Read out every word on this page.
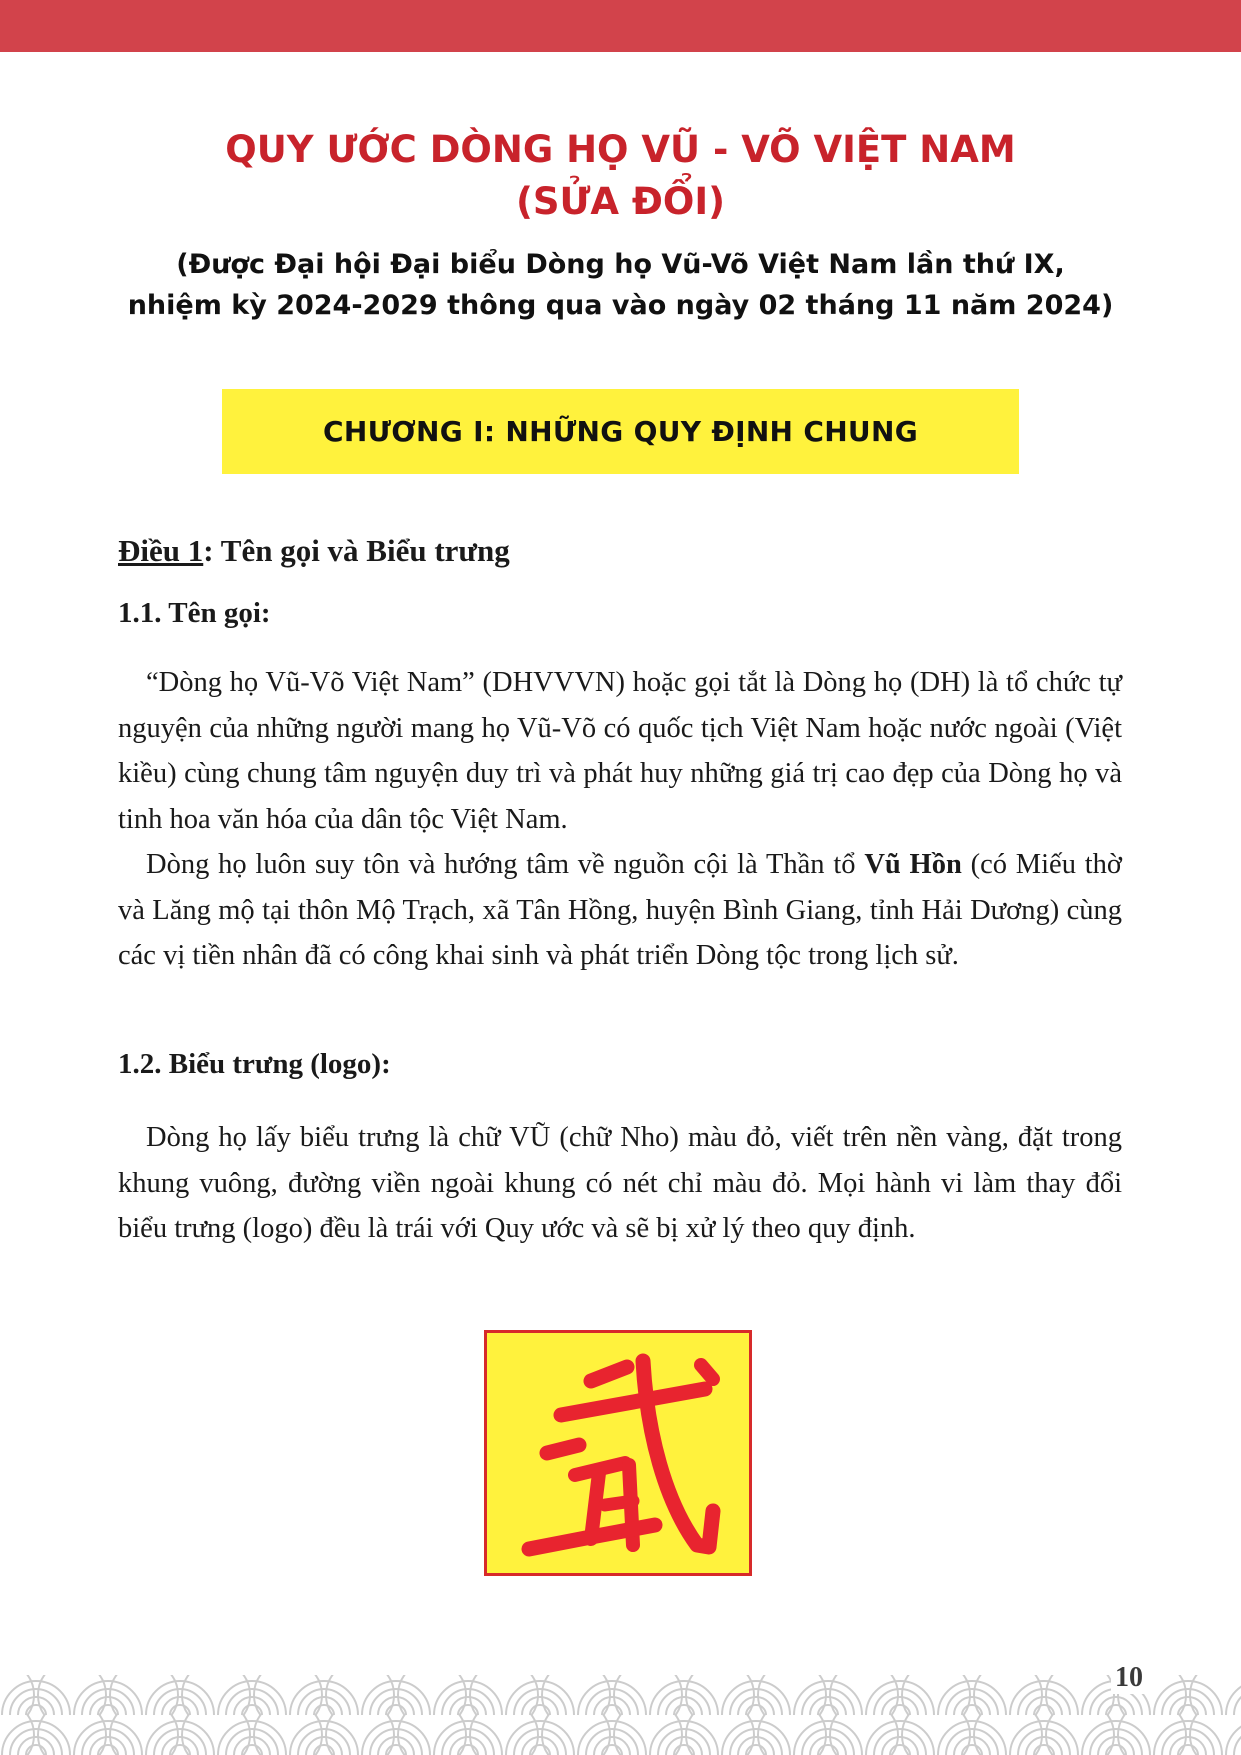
QUY ƯỚC DÒNG HỌ VŨ - VÕ VIỆT NAM
(SỬA ĐỔI)

(Được Đại hội Đại biểu Dòng họ Vũ-Võ Việt Nam lần thứ IX,

nhiệm kỳ 2024-2029 thông qua vào ngày 02 tháng 11 năm 2024)

CHƯƠNG I: NHỮNG QUY ĐỊNH CHUNG
Điều 1: Tên gọi và Biểu trưng
1.1. Tên gọi:

“Dòng họ Vũ-Võ Việt Nam” (DHVVVN) hoặc gọi tắt là Dòng họ (DH) là tổ chức tự nguyện của những người mang họ Vũ-Võ có quốc tịch Việt Nam hoặc nước ngoài (Việt kiều) cùng chung tâm nguyện duy trì và phát huy những giá trị cao đẹp của Dòng họ và tinh hoa văn hóa của dân tộc Việt Nam.

Dòng họ luôn suy tôn và hướng tâm về nguồn cội là Thần tổ Vũ Hồn (có Miếu thờ và Lăng mộ tại thôn Mộ Trạch, xã Tân Hồng, huyện Bình Giang, tỉnh Hải Dương) cùng các vị tiền nhân đã có công khai sinh và phát triển Dòng tộc trong lịch sử.

1.2. Biểu trưng (logo):

Dòng họ lấy biểu trưng là chữ VŨ (chữ Nho) màu đỏ, viết trên nền vàng, đặt trong khung vuông, đường viền ngoài khung có nét chỉ màu đỏ. Mọi hành vi làm thay đổi biểu trưng (logo) đều là trái với Quy ước và sẽ bị xử lý theo quy định.

10
